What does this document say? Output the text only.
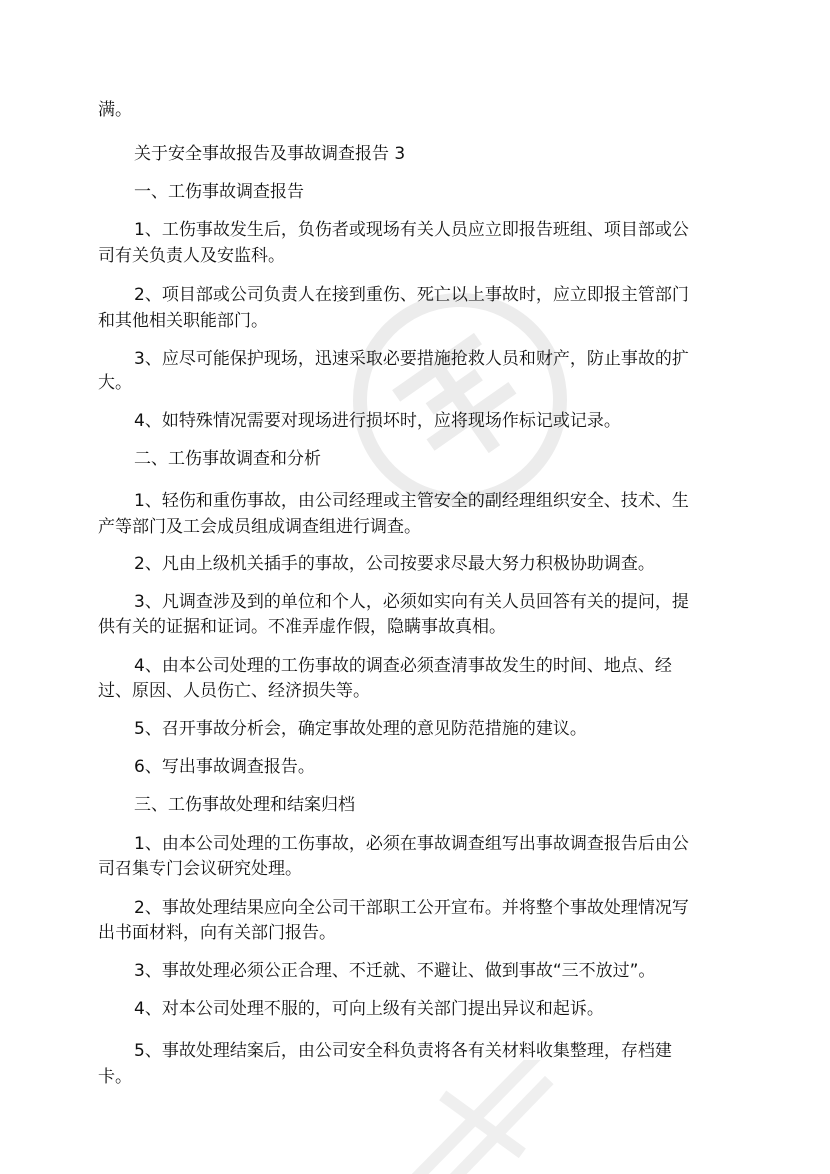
满。
关于安全事故报告及事故调查报告 3
一、工伤事故调查报告
1、工伤事故发生后，负伤者或现场有关人员应立即报告班组、项目部或公
司有关负责人及安监科。
2、项目部或公司负责人在接到重伤、死亡以上事故时，应立即报主管部门
和其他相关职能部门。
3、应尽可能保护现场，迅速采取必要措施抢救人员和财产，防止事故的扩
大。
4、如特殊情况需要对现场进行损坏时，应将现场作标记或记录。
二、工伤事故调查和分析
1、轻伤和重伤事故，由公司经理或主管安全的副经理组织安全、技术、生
产等部门及工会成员组成调查组进行调查。
2、凡由上级机关插手的事故，公司按要求尽最大努力积极协助调查。
3、凡调查涉及到的单位和个人，必须如实向有关人员回答有关的提问，提
供有关的证据和证词。不准弄虚作假，隐瞒事故真相。
4、由本公司处理的工伤事故的调查必须查清事故发生的时间、地点、经
过、原因、人员伤亡、经济损失等。
5、召开事故分析会，确定事故处理的意见防范措施的建议。
6、写出事故调查报告。
三、工伤事故处理和结案归档
1、由本公司处理的工伤事故，必须在事故调查组写出事故调查报告后由公
司召集专门会议研究处理。
2、事故处理结果应向全公司干部职工公开宣布。并将整个事故处理情况写
出书面材料，向有关部门报告。
3、事故处理必须公正合理、不迁就、不避让、做到事故“三不放过”。
4、对本公司处理不服的，可向上级有关部门提出异议和起诉。
5、事故处理结案后，由公司安全科负责将各有关材料收集整理，存档建
卡。
